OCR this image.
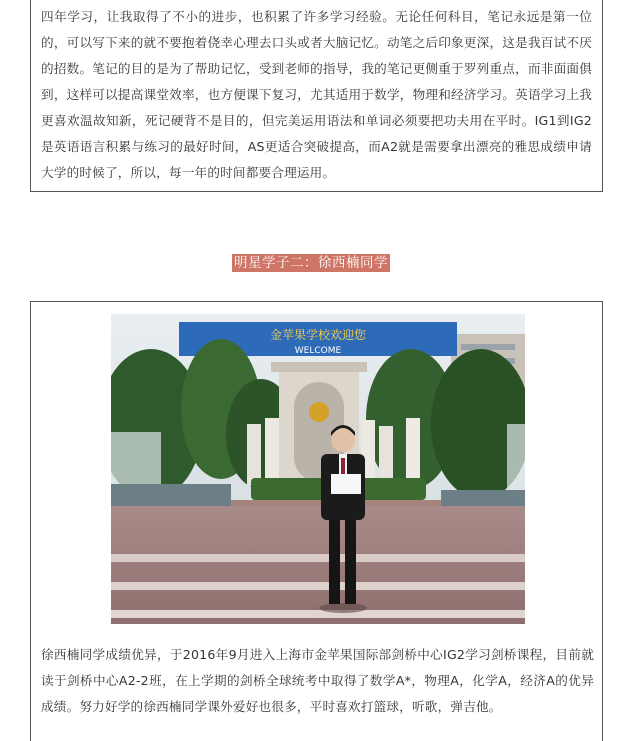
四年学习，让我取得了不小的进步，也积累了许多学习经验。无论任何科目，笔记永远是第一位的，可以写下来的就不要抱着侥幸心理去口头或者大脑记忆。动笔之后印象更深，这是我百试不厌的招数。笔记的目的是为了帮助记忆，受到老师的指导，我的笔记更侧重于罗列重点，而非面面俱到，这样可以提高课堂效率，也方便课下复习，尤其适用于数学，物理和经济学习。英语学习上我更喜欢温故知新，死记硬背不是目的，但完美运用语法和单词必须要把功夫用在平时。IG1到IG2是英语语言积累与练习的最好时间，AS更适合突破提高，而A2就是需要拿出漂亮的雅思成绩申请大学的时候了，所以，每一年的时间都要合理运用。

明星学子二：徐西楠同学
金苹果学校欢迎您
WELCOME

徐西楠同学成绩优异，于2016年9月进入上海市金苹果国际部剑桥中心IG2学习剑桥课程，目前就读于剑桥中心A2-2班，在上学期的剑桥全球统考中取得了数学A*，物理A，化学A，经济A的优异成绩。努力好学的徐西楠同学课外爱好也很多，平时喜欢打篮球，听歌，弹吉他。
